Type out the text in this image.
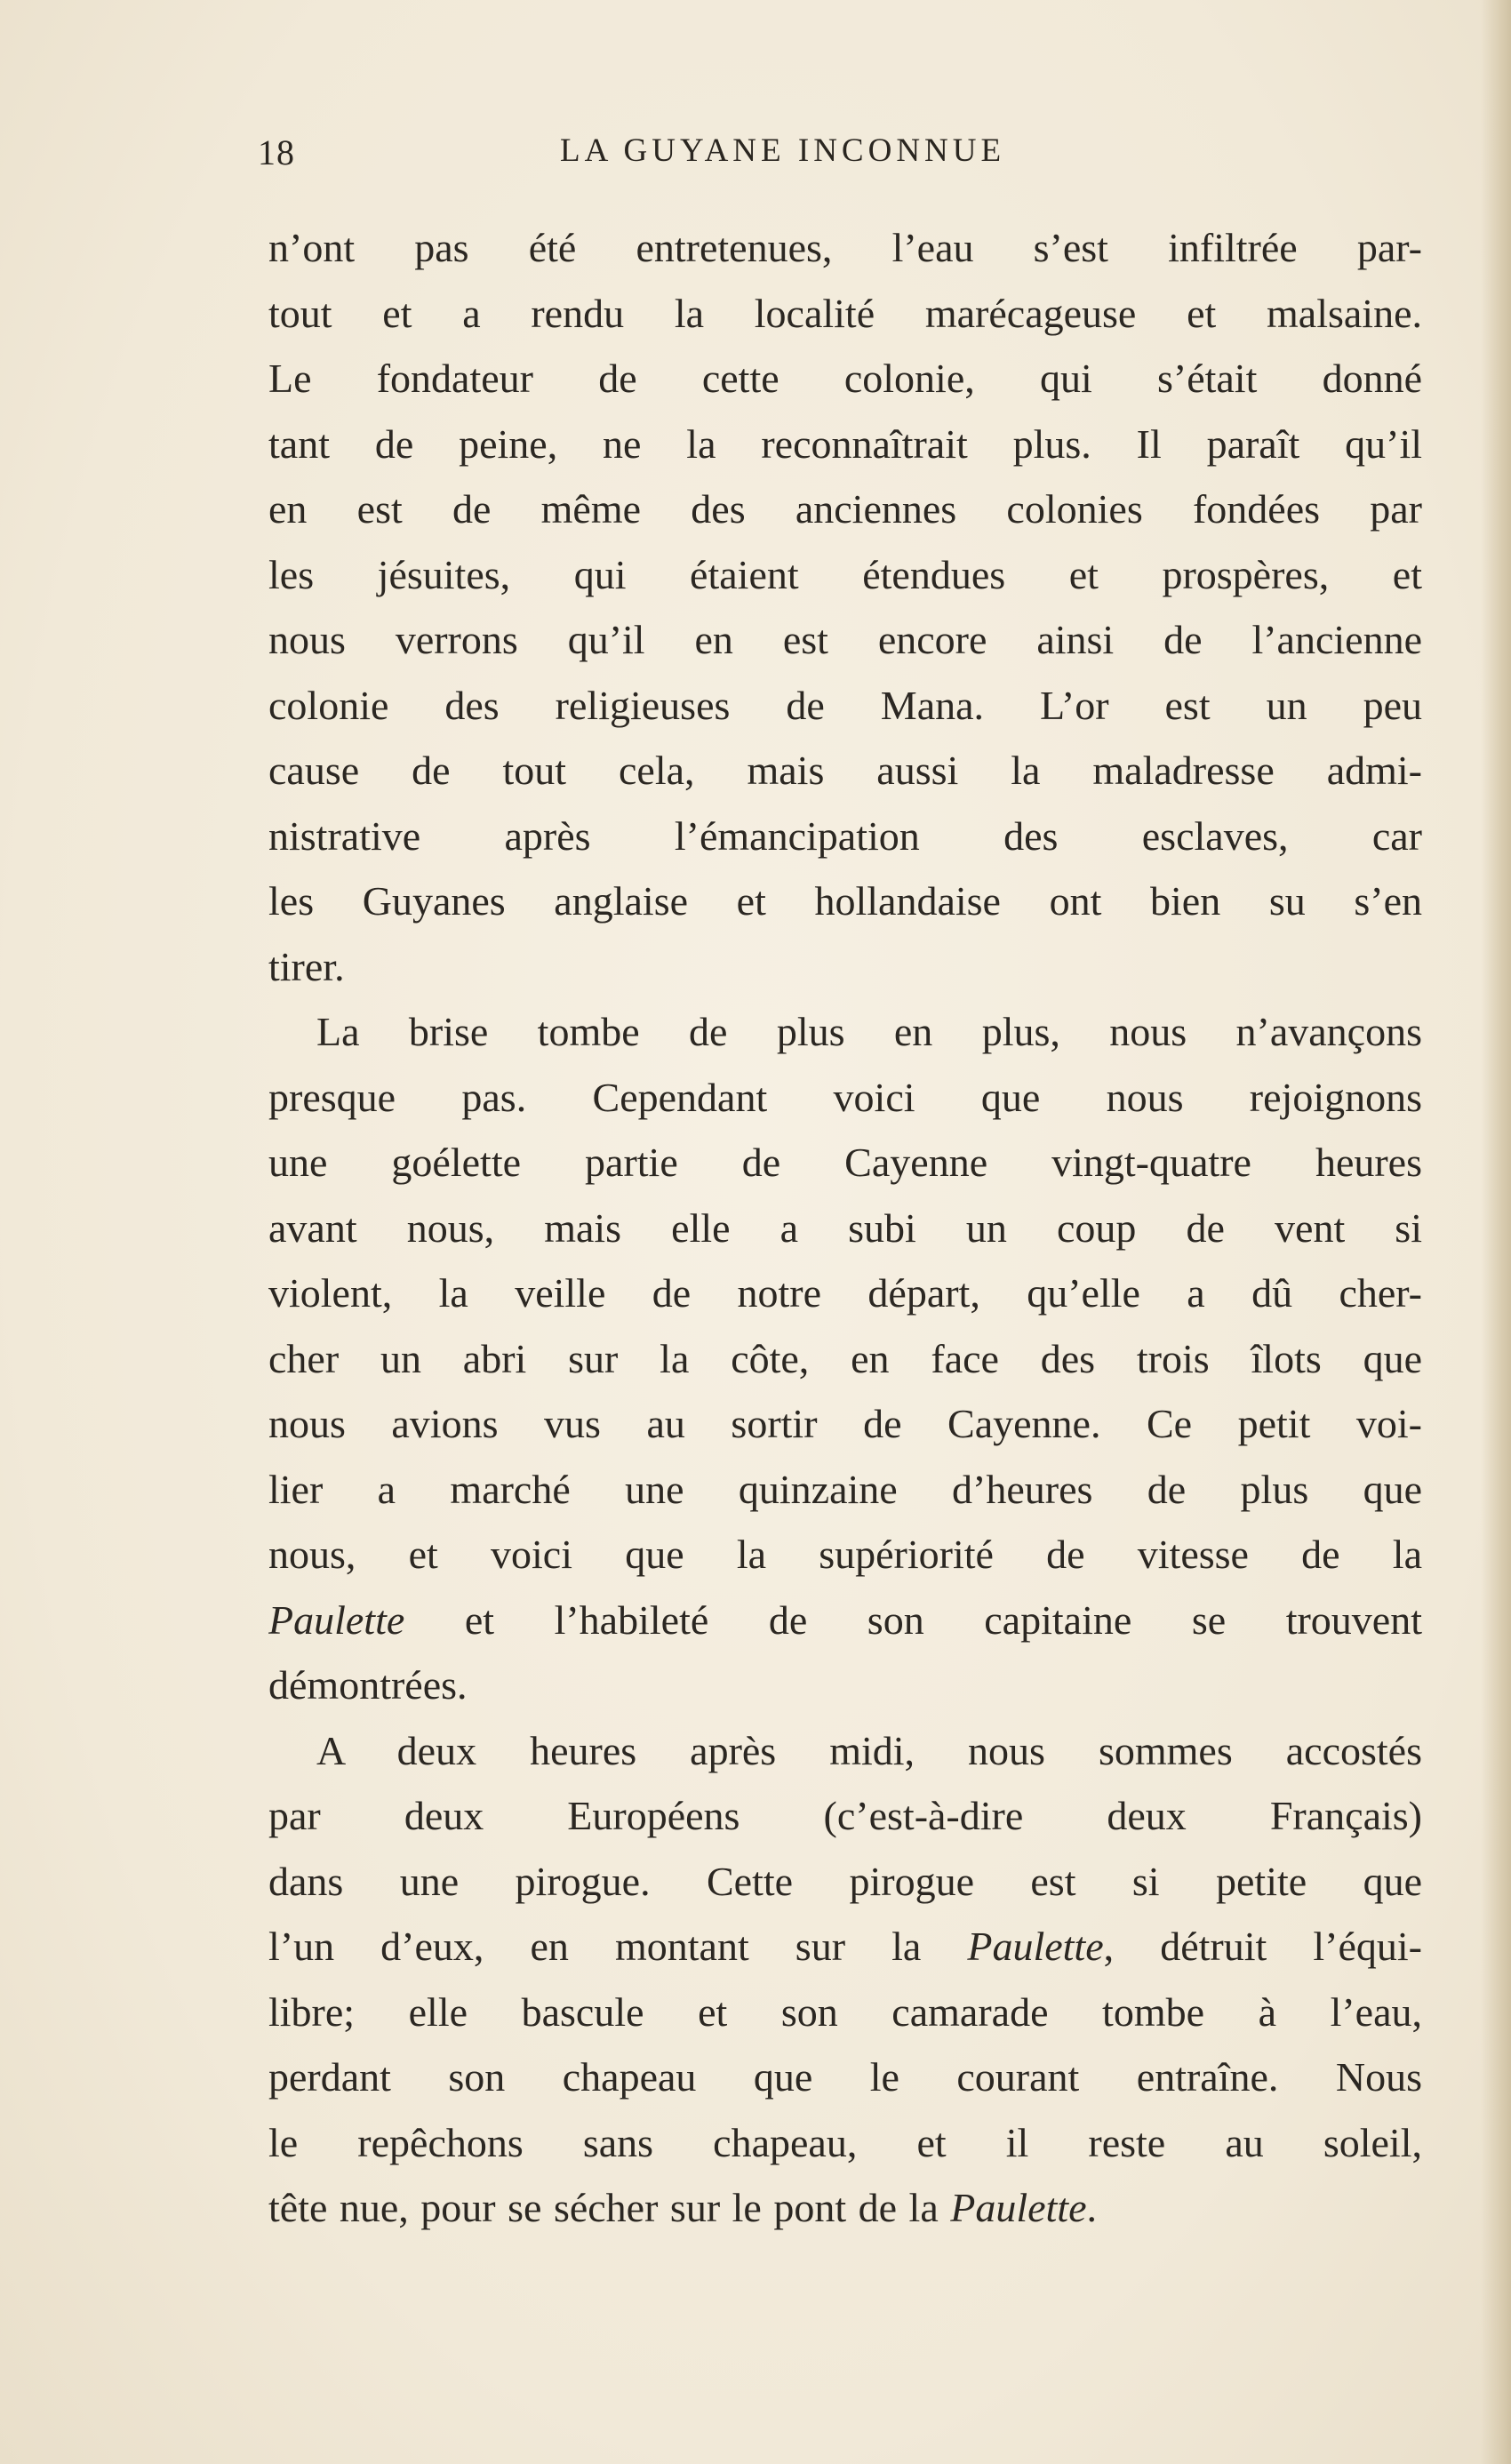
18	LA GUYANE INCONNUE
n’ont pas été entretenues, l’eau s’est infiltrée par-
tout et a rendu la localité marécageuse et malsaine.
Le fondateur de cette colonie, qui s’était donné
tant de peine, ne la reconnaîtrait plus. Il paraît qu’il
en est de même des anciennes colonies fondées par
les jésuites, qui étaient étendues et prospères, et
nous verrons qu’il en est encore ainsi de l’ancienne
colonie des religieuses de Mana. L’or est un peu
cause de tout cela, mais aussi la maladresse admi-
nistrative après l’émancipation des esclaves, car
les Guyanes anglaise et hollandaise ont bien su s’en
tirer.
La brise tombe de plus en plus, nous n’avançons
presque pas. Cependant voici que nous rejoignons
une goélette partie de Cayenne vingt-quatre heures
avant nous, mais elle a subi un coup de vent si
violent, la veille de notre départ, qu’elle a dû cher-
cher un abri sur la côte, en face des trois îlots que
nous avions vus au sortir de Cayenne. Ce petit voi-
lier a marché une quinzaine d’heures de plus que
nous, et voici que la supériorité de vitesse de la
Paulette et l’habileté de son capitaine se trouvent
démontrées.
A deux heures après midi, nous sommes accostés
par deux Européens (c’est-à-dire deux Français)
dans une pirogue. Cette pirogue est si petite que
l’un d’eux, en montant sur la Paulette, détruit l’équi-
libre; elle bascule et son camarade tombe à l’eau,
perdant son chapeau que le courant entraîne. Nous
le repêchons sans chapeau, et il reste au soleil,
tête nue, pour se sécher sur le pont de la Paulette.
